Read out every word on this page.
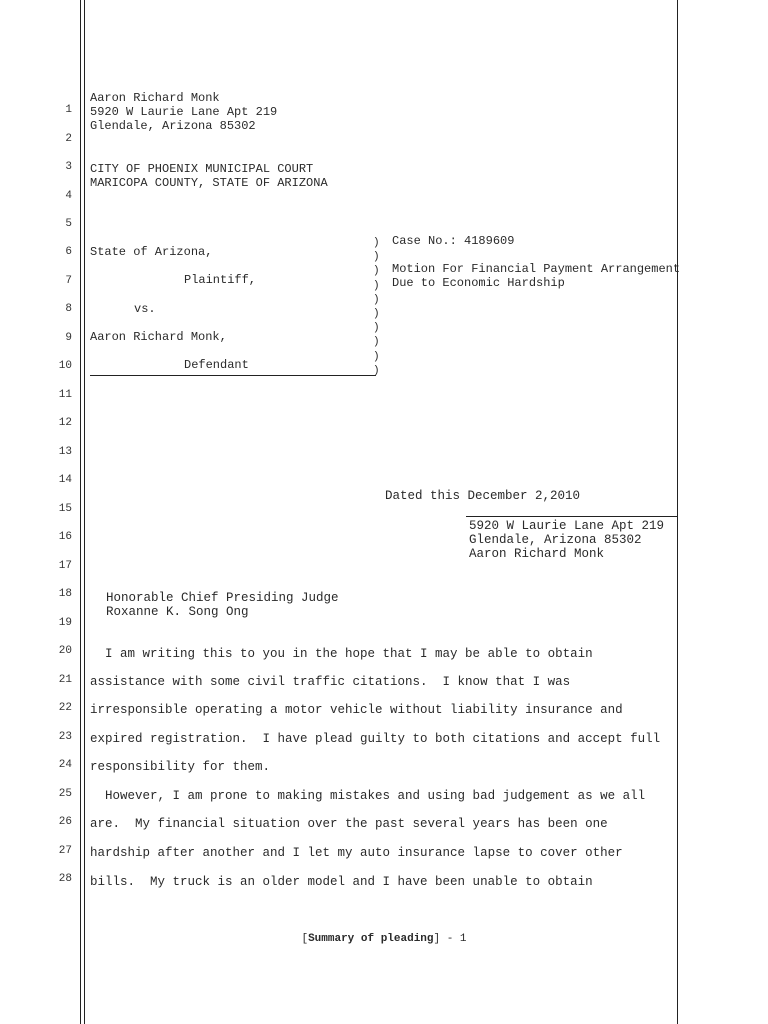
1
2
3
4
5
6
7
8
9
10
11
12
13
14
15
16
17
18
19
20
21
22
23
24
25
26
27
28
Aaron Richard Monk
5920 W Laurie Lane Apt 219
Glendale, Arizona 85302
CITY OF PHOENIX MUNICIPAL COURT
MARICOPA COUNTY, STATE OF ARIZONA
State of Arizona,
Plaintiff,
vs.
Aaron Richard Monk,
Defendant
)
)
)
)
)
)
)
)
)
)
Case No.: 4189609
Motion For Financial Payment Arrangement
Due to Economic Hardship
Dated this December 2,2010
5920 W Laurie Lane Apt 219
Glendale, Arizona 85302
Aaron Richard Monk
Honorable Chief Presiding Judge
Roxanne K. Song Ong
I am writing this to you in the hope that I may be able to obtain
assistance with some civil traffic citations.  I know that I was
irresponsible operating a motor vehicle without liability insurance and
expired registration.  I have plead guilty to both citations and accept full
responsibility for them.
However, I am prone to making mistakes and using bad judgement as we all
are.  My financial situation over the past several years has been one
hardship after another and I let my auto insurance lapse to cover other
bills.  My truck is an older model and I have been unable to obtain
[Summary of pleading] - 1
